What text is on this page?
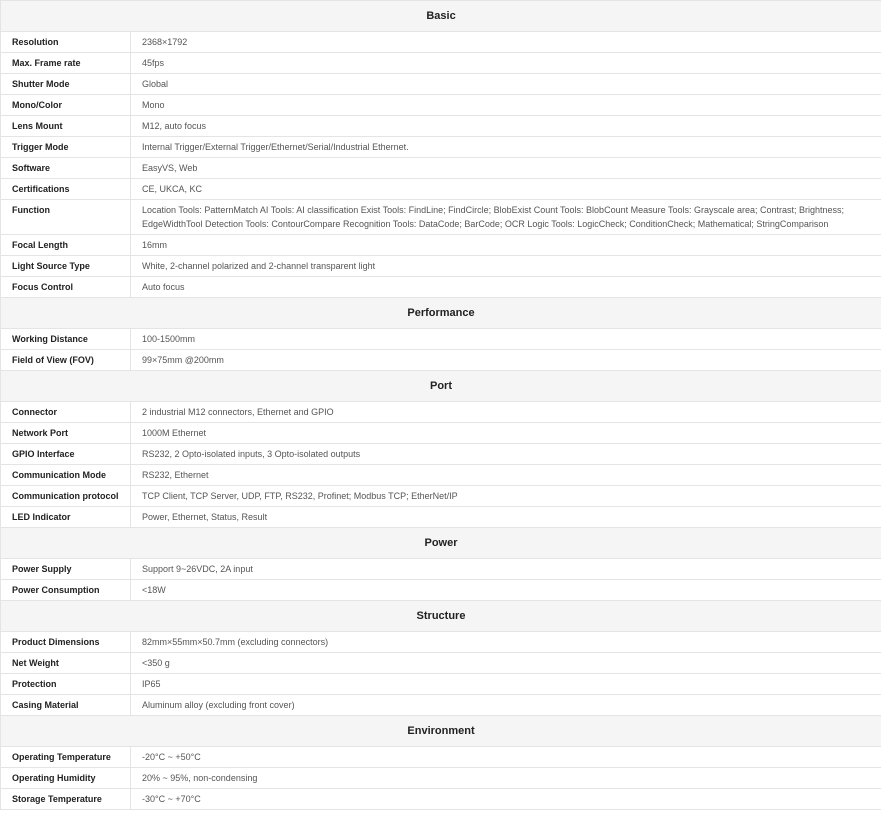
Basic	
Resolution	2368×1792
Max. Frame rate	45fps
Shutter Mode	Global
Mono/Color	Mono
Lens Mount	M12, auto focus
Trigger Mode	Internal Trigger/External Trigger/Ethernet/Serial/Industrial Ethernet.
Software	EasyVS, Web
Certifications	CE, UKCA, KC
Function	Location Tools: PatternMatch AI Tools: AI classification Exist Tools: FindLine; FindCircle; BlobExist Count Tools: BlobCount Measure Tools: Grayscale area; Contrast; Brightness; EdgeWidthTool Detection Tools: ContourCompare Recognition Tools: DataCode; BarCode; OCR Logic Tools: LogicCheck; ConditionCheck; Mathematical; StringComparison
Focal Length	16mm
Light Source Type	White, 2-channel polarized and 2-channel transparent light
Focus Control	Auto focus
Performance	
Working Distance	100-1500mm
Field of View (FOV)	99×75mm @200mm
Port	
Connector	2 industrial M12 connectors, Ethernet and GPIO
Network Port	1000M Ethernet
GPIO Interface	RS232, 2 Opto-isolated inputs, 3 Opto-isolated outputs
Communication Mode	RS232, Ethernet
Communication protocol	TCP Client, TCP Server, UDP, FTP, RS232, Profinet; Modbus TCP; EtherNet/IP
LED Indicator	Power, Ethernet, Status, Result
Power	
Power Supply	Support 9~26VDC, 2A input
Power Consumption	<18W
Structure	
Product Dimensions	82mm×55mm×50.7mm (excluding connectors)
Net Weight	<350 g
Protection	IP65
Casing Material	Aluminum alloy (excluding front cover)
Environment	
Operating Temperature	-20°C ~ +50°C
Operating Humidity	20% ~ 95%, non-condensing
Storage Temperature	-30°C ~ +70°C
